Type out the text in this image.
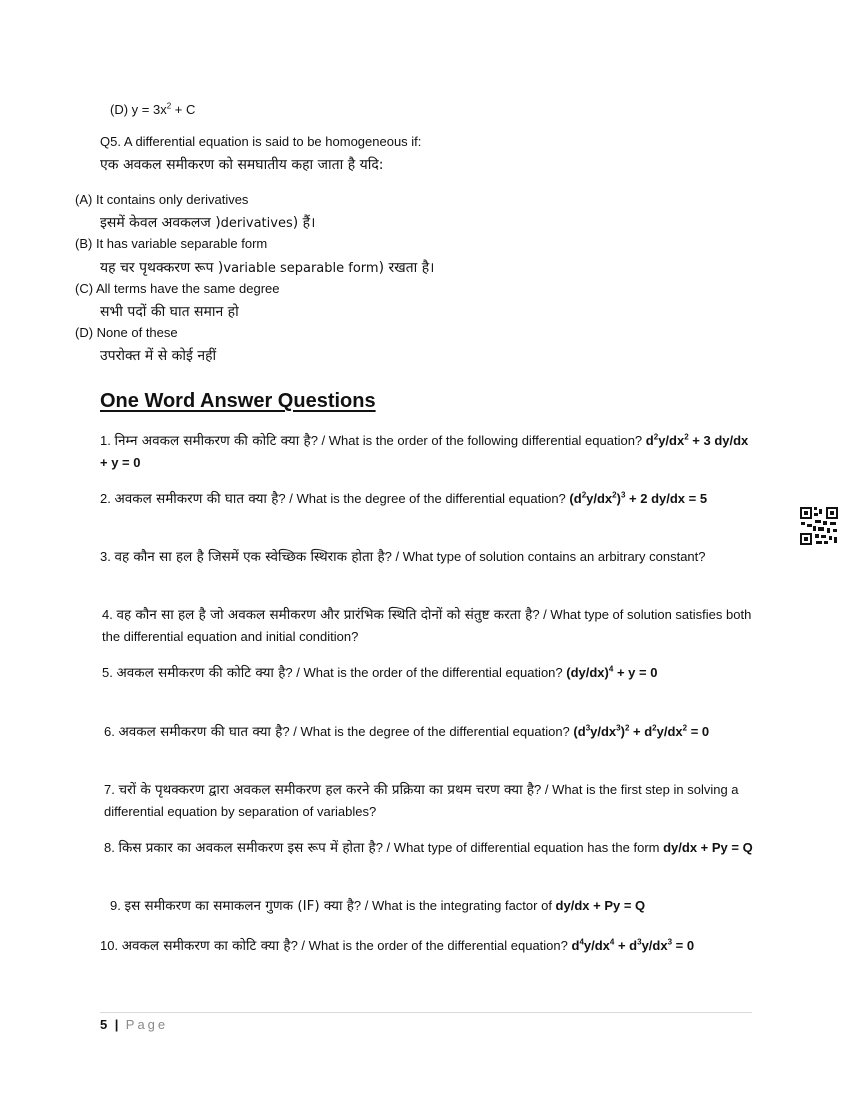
(D) $y = 3x^2 + C$
Q5. A differential equation is said to be homogeneous if:
एक अवकल समीकरण को समघातीय कहा जाता है यदि:
(A) It contains only derivatives
इसमें केवल अवकलज )derivatives) हैं।
(B) It has variable separable form
यह चर पृथक्करण रूप )variable separable form) रखता है।
(C) All terms have the same degree
सभी पदों की घात समान हो
(D) None of these
उपरोक्त में से कोई नहीं
One Word Answer Questions
1. निम्न अवकल समीकरण की कोटि क्या है? / What is the order of the following differential equation? $d^2y/dx^2 + 3$ dy/dx + y = 0
2. अवकल समीकरण की घात क्या है? / What is the degree of the differential equation? $(d^2y/dx^2)^3 + 2$ dy/dx = 5
3. वह कौन सा हल है जिसमें एक स्वेच्छिक स्थिराक होता है? / What type of solution contains an arbitrary constant?
4. वह कौन सा हल है जो अवकल समीकरण और प्रारंभिक स्थिति दोनों को संतुष्ट करता है? / What type of solution satisfies both the differential equation and initial condition?
5. अवकल समीकरण की कोटि क्या है? / What is the order of the differential equation? $(dy/dx)^4 + y = 0$
6. अवकल समीकरण की घात क्या है? / What is the degree of the differential equation? $(d^3y/dx^3)^2 + d^2y/dx^2 = 0$
7. चरों के पृथक्करण द्वारा अवकल समीकरण हल करने की प्रक्रिया का प्रथम चरण क्या है? / What is the first step in solving a differential equation by separation of variables?
8. किस प्रकार का अवकल समीकरण इस रूप में होता है? / What type of differential equation has the form dy/dx + Py = Q
9. इस समीकरण का समाकलन गुणक (IF) क्या है? / What is the integrating factor of dy/dx + Py = Q
10. अवकल समीकरण का कोटि क्या है? / What is the order of the differential equation? $d^4y/dx^4 + d^3y/dx^3 = 0$
5 | Page
